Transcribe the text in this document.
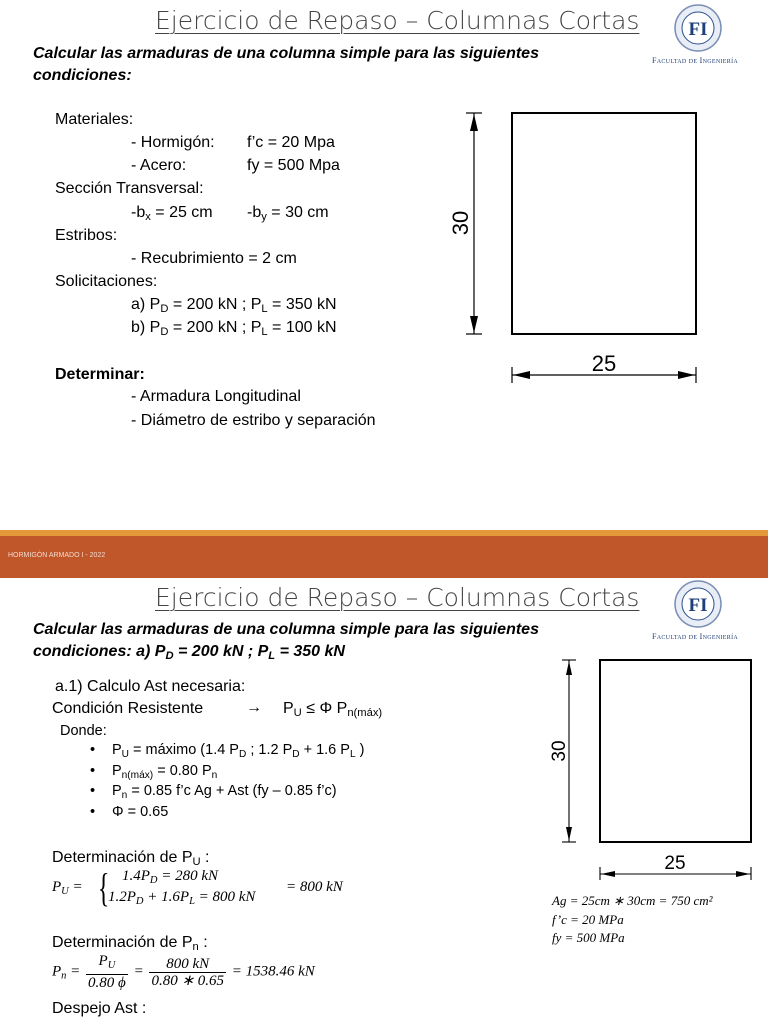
Ejercicio de Repaso – Columnas Cortas	FI
Facultad de Ingeniería
Calcular las armaduras de una columna simple para las siguientes
condiciones:
Materiales:
- Hormigón: f’c = 20 Mpa
- Acero:	fy = 500 Mpa
Sección Transversal:
$-b_x = 25$ cm $-b_y = 30$ cm
Estribos:
- Recubrimiento = 2 cm
Solicitaciones:
a) $P_D = 200$ kN ; $P_L = 350$ kN
b) $P_D = 200$ kN ; $P_L = 100$ kN
Determinar:
- Armadura Longitudinal
- Diámetro de estribo y separación
30
25
HORMIGÓN ARMADO I - 2022
Ejercicio de Repaso – Columnas Cortas	FI
Facultad de Ingeniería
Calcular las armaduras de una columna simple para las siguientes
condiciones: a) $P_D = 200$ kN ; $P_L = 350$ kN
a.1) Calculo Ast necesaria:
Condición Resistente	→ $P_U \le \Phi$ $P_{n(máx)}$
Donde:
• $P_U$ = máximo (1.4 $P_D$ ; 1.2 $P_D + 1.6$ $P_L$ )
• $P_{n(máx)} = 0.80$ $P_n$
• $P_n = 0.85$ f’c Ag + Ast (fy – 0.85 f’c)
• Φ = 0.65
Determinación de $P_U$ :
$P_U$ = { $1.4P_D = 280$ kN
$1.2P_D + 1.6P_L = 800$ kN
= 800 kN
Determinación de $P_n$ :
$P_n = \frac{P_U}{0.80 \phi} = \frac{800 kN}{0.80 ∗ 0.65} = 1538.46$ kN
Despejo Ast :
30
25
Ag = 25cm ∗ 30cm = 750 cm²
f’c = 20 MPa
fy = 500 MPa
